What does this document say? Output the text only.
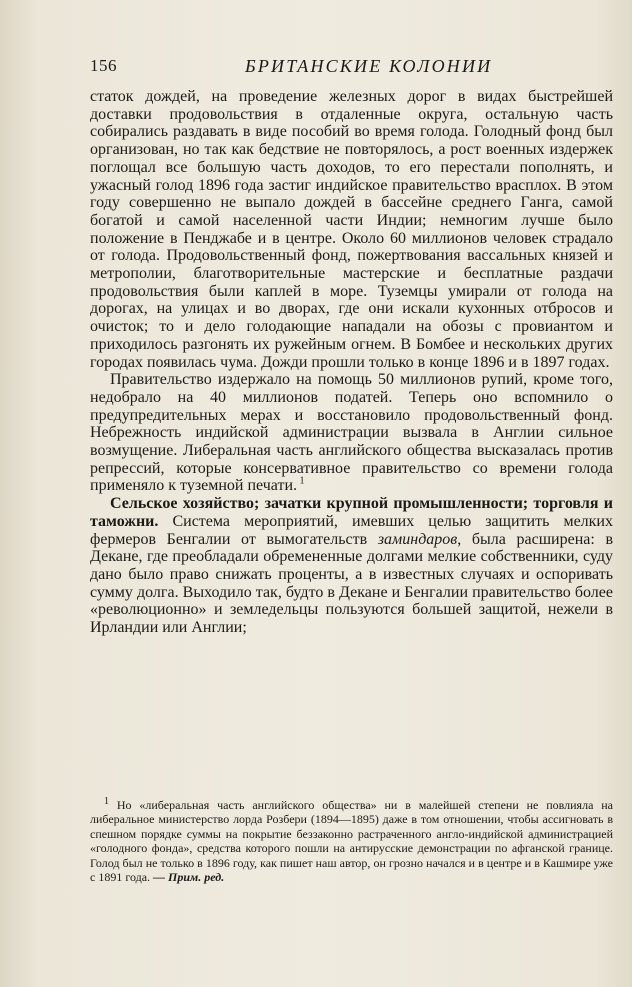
156	БРИТАНСКИЕ КОЛОНИИ

статок дождей, на проведение железных дорог в видах быстрейшей доставки продовольствия в отдаленные округа, остальную часть собирались раздавать в виде пособий во время голода. Голодный фонд был организован, но так как бедствие не повторялось, а рост военных издержек поглощал все большую часть доходов, то его перестали пополнять, и ужасный голод 1896 года застиг индийское правительство врасплох. В этом году совершенно не выпало дождей в бассейне среднего Ганга, самой богатой и самой населенной части Индии; немногим лучше было положение в Пенджабе и в центре. Около 60 миллионов человек страдало от голода. Продовольственный фонд, пожертвования вассальных князей и метрополии, благотворительные мастерские и бесплатные раздачи продовольствия были каплей в море. Туземцы умирали от голода на дорогах, на улицах и во дворах, где они искали кухонных отбросов и очисток; то и дело голодающие нападали на обозы с провиантом и приходилось разгонять их ружейным огнем. В Бомбее и нескольких других городах появилась чума. Дожди прошли только в конце 1896 и в 1897 годах.

Правительство издержало на помощь 50 миллионов рупий, кроме того, недобрало на 40 миллионов податей. Теперь оно вспомнило о предупредительных мерах и восстановило продовольственный фонд. Небрежность индийской администрации вызвала в Англии сильное возмущение. Либеральная часть английского общества высказалась против репрессий, которые консервативное правительство со времени голода применяло к туземной печати. $^1$

Сельское хозяйство; зачатки крупной промышленности; торговля и таможни. Система мероприятий, имевших целью защитить мелких фермеров Бенгалии от вымогательств заминдаров, была расширена: в Декане, где преобладали обремененные долгами мелкие собственники, суду дано было право снижать проценты, а в известных случаях и оспоривать сумму долга. Выходило так, будто в Декане и Бенгалии правительство более «революционно» и земледельцы пользуются большей защитой, нежели в Ирландии или Англии;

$^1$ Но «либеральная часть английского общества» ни в малейшей степени не повлияла на либеральное министерство лорда Розбери (1894—1895) даже в том отношении, чтобы ассигновать в спешном порядке суммы на покрытие беззаконно растраченного англо-индийской администрацией «голодного фонда», средства которого пошли на антирусские демонстрации по афганской границе. Голод был не только в 1896 году, как пишет наш автор, он грозно начался и в центре и в Кашмире уже с 1891 года. — Прим. ред.
